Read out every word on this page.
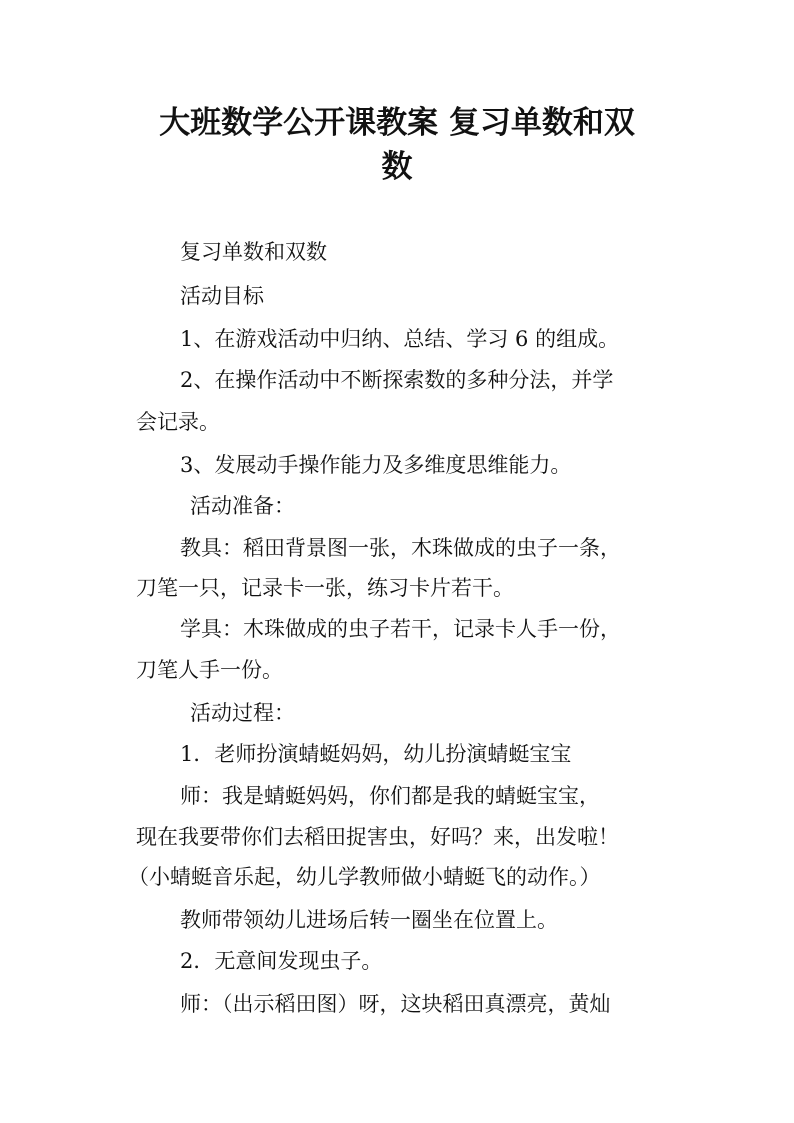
大班数学公开课教案 复习单数和双
数

复习单数和双数

活动目标

1、在游戏活动中归纳、总结、学习 6 的组成。

2、在操作活动中不断探索数的多种分法，并学

会记录。

3、发展动手操作能力及多维度思维能力。

活动准备：

教具：稻田背景图一张，木珠做成的虫子一条，

刀笔一只，记录卡一张，练习卡片若干。

学具：木珠做成的虫子若干，记录卡人手一份，

刀笔人手一份。

活动过程：

1．老师扮演蜻蜓妈妈，幼儿扮演蜻蜓宝宝

师：我是蜻蜓妈妈，你们都是我的蜻蜓宝宝，

现在我要带你们去稻田捉害虫，好吗？来，出发啦！

（小蜻蜓音乐起，幼儿学教师做小蜻蜓飞的动作。）

教师带领幼儿进场后转一圈坐在位置上。

2．无意间发现虫子。

师：（出示稻田图）呀，这块稻田真漂亮，黄灿
